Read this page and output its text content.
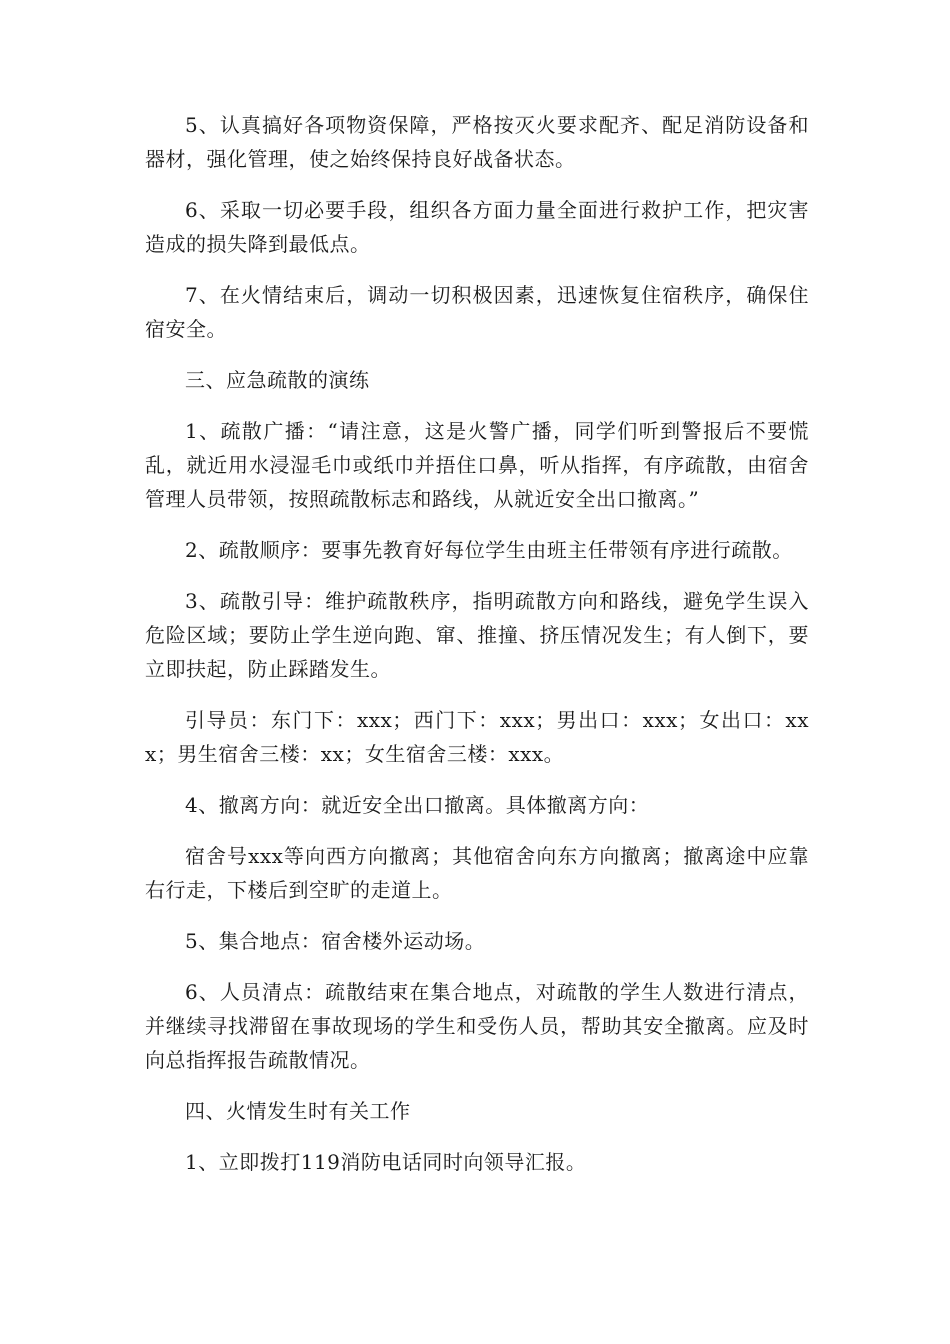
5、认真搞好各项物资保障，严格按灭火要求配齐、配足消防设备和器材，强化管理，使之始终保持良好战备状态。

6、采取一切必要手段，组织各方面力量全面进行救护工作，把灾害造成的损失降到最低点。

7、在火情结束后，调动一切积极因素，迅速恢复住宿秩序，确保住宿安全。

三、应急疏散的演练

1、疏散广播：“请注意，这是火警广播，同学们听到警报后不要慌乱，就近用水浸湿毛巾或纸巾并捂住口鼻，听从指挥，有序疏散，由宿舍管理人员带领，按照疏散标志和路线，从就近安全出口撤离。”

2、疏散顺序：要事先教育好每位学生由班主任带领有序进行疏散。

3、疏散引导：维护疏散秩序，指明疏散方向和路线，避免学生误入危险区域；要防止学生逆向跑、窜、推撞、挤压情况发生；有人倒下，要立即扶起，防止踩踏发生。

引导员：东门下：xxx；西门下：xxx；男出口：xxx；女出口：xxx；男生宿舍三楼：xx；女生宿舍三楼：xxx。

4、撤离方向：就近安全出口撤离。具体撤离方向：

宿舍号xxx等向西方向撤离；其他宿舍向东方向撤离；撤离途中应靠右行走，下楼后到空旷的走道上。

5、集合地点：宿舍楼外运动场。

6、人员清点：疏散结束在集合地点，对疏散的学生人数进行清点，并继续寻找滞留在事故现场的学生和受伤人员，帮助其安全撤离。应及时向总指挥报告疏散情况。

四、火情发生时有关工作

1、立即拨打119消防电话同时向领导汇报。
